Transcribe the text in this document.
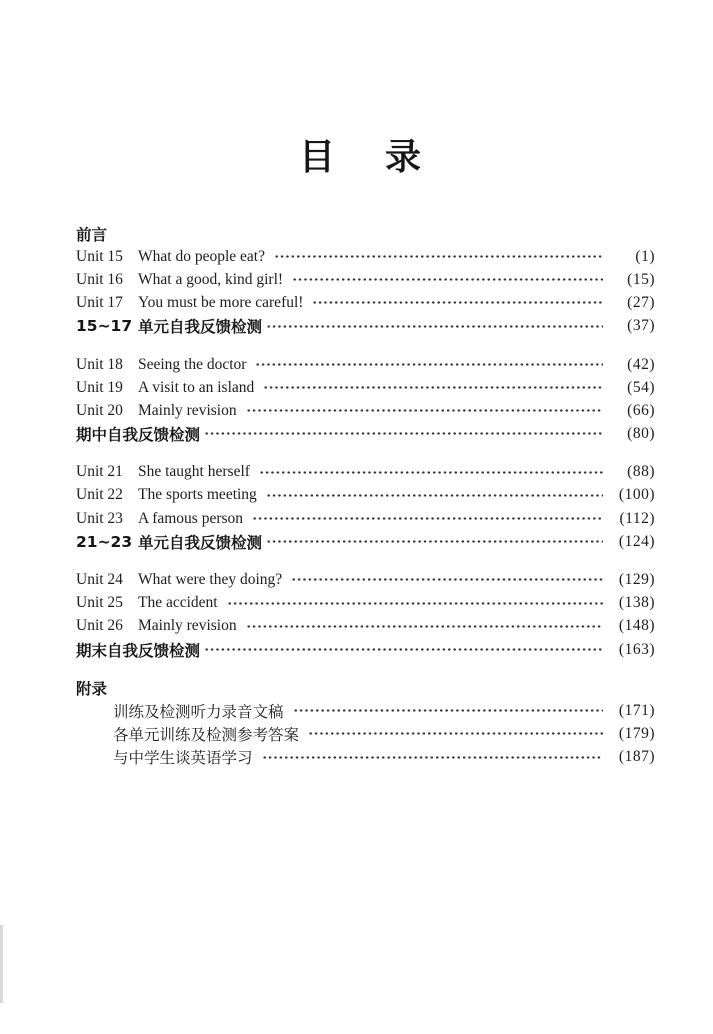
目　录
前言
Unit 15 What do people eat?	(1)
Unit 16 What a good, kind girl!	(15)
Unit 17 You must be more careful!	(27)
15~17 单元自我反馈检测	(37)
Unit 18 Seeing the doctor	(42)
Unit 19 A visit to an island	(54)
Unit 20 Mainly revision	(66)
期中自我反馈检测	(80)
Unit 21 She taught herself	(88)
Unit 22 The sports meeting	(100)
Unit 23 A famous person	(112)
21~23 单元自我反馈检测	(124)
Unit 24 What were they doing?	(129)
Unit 25 The accident	(138)
Unit 26 Mainly revision	(148)
期末自我反馈检测	(163)
附录
训练及检测听力录音文稿	(171)
各单元训练及检测参考答案	(179)
与中学生谈英语学习	(187)
